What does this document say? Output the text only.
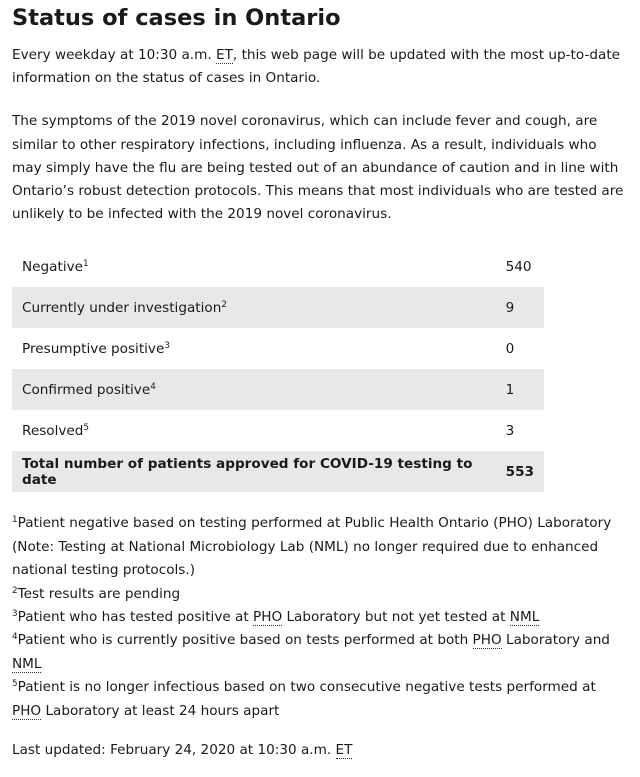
Status of cases in Ontario

Every weekday at 10:30 a.m. ET, this web page will be updated with the most up-to-date information on the status of cases in Ontario.

The symptoms of the 2019 novel coronavirus, which can include fever and cough, are similar to other respiratory infections, including influenza. As a result, individuals who may simply have the flu are being tested out of an abundance of caution and in line with Ontario’s robust detection protocols. This means that most individuals who are tested are unlikely to be infected with the 2019 novel coronavirus.

Negative$^1$	540
Currently under investigation$^2$	9
Presumptive positive$^3$	0
Confirmed positive$^4$	1
Resolved$^5$	3
Total number of patients approved for COVID-19 testing to date	553
$^1$Patient negative based on testing performed at Public Health Ontario (PHO) Laboratory (Note: Testing at National Microbiology Lab (NML) no longer required due to enhanced national testing protocols.)
$^2$Test results are pending
$^3$Patient who has tested positive at PHO Laboratory but not yet tested at NML
$^4$Patient who is currently positive based on tests performed at both PHO Laboratory and NML
$^5$Patient is no longer infectious based on two consecutive negative tests performed at PHO Laboratory at least 24 hours apart

Last updated: February 24, 2020 at 10:30 a.m. ET
